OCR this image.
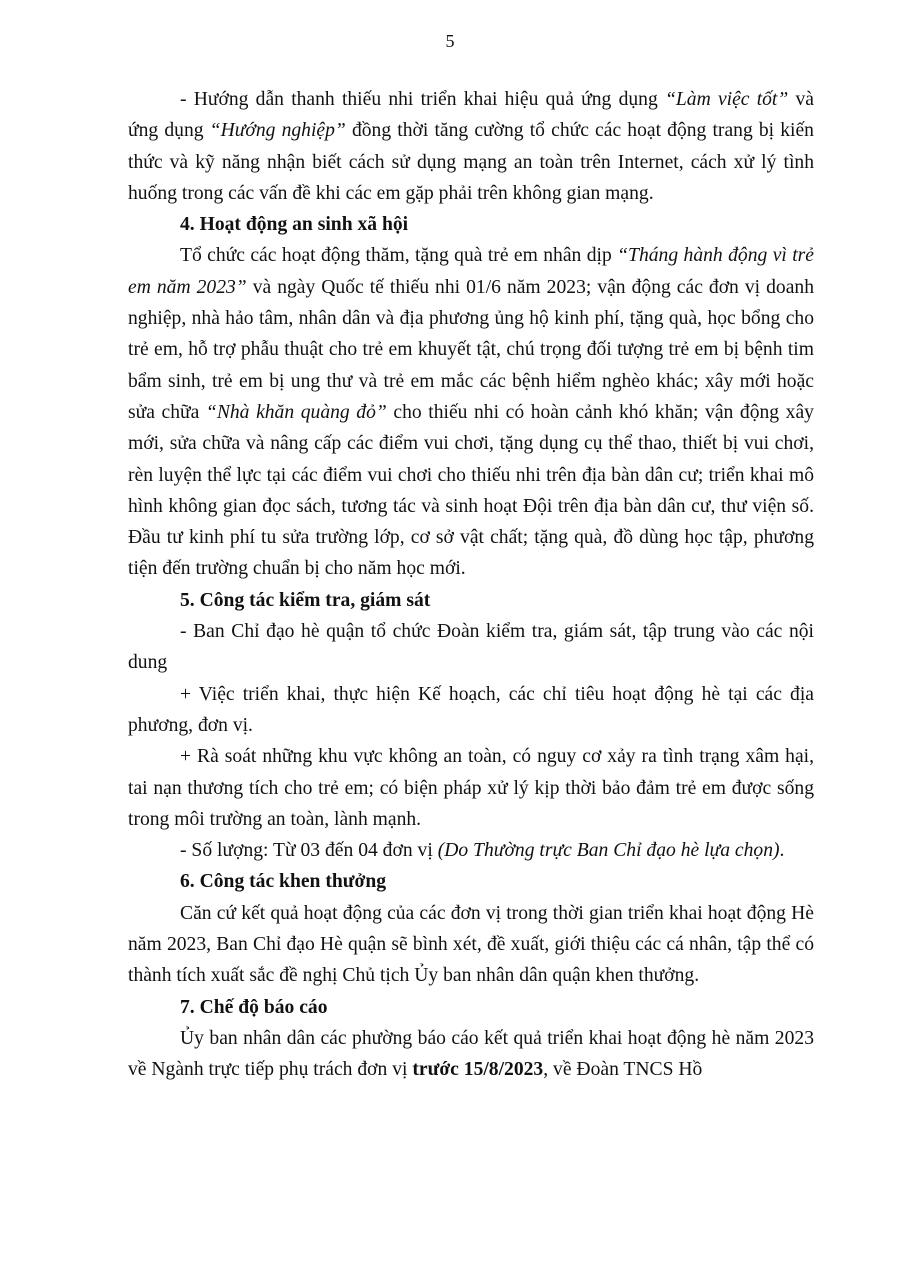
5

- Hướng dẫn thanh thiếu nhi triển khai hiệu quả ứng dụng “Làm việc tốt” và ứng dụng “Hướng nghiệp” đồng thời tăng cường tổ chức các hoạt động trang bị kiến thức và kỹ năng nhận biết cách sử dụng mạng an toàn trên Internet, cách xử lý tình huống trong các vấn đề khi các em gặp phải trên không gian mạng.

4. Hoạt động an sinh xã hội

Tổ chức các hoạt động thăm, tặng quà trẻ em nhân dịp “Tháng hành động vì trẻ em năm 2023” và ngày Quốc tế thiếu nhi 01/6 năm 2023; vận động các đơn vị doanh nghiệp, nhà hảo tâm, nhân dân và địa phương ủng hộ kinh phí, tặng quà, học bổng cho trẻ em, hỗ trợ phẫu thuật cho trẻ em khuyết tật, chú trọng đối tượng trẻ em bị bệnh tim bẩm sinh, trẻ em bị ung thư và trẻ em mắc các bệnh hiểm nghèo khác; xây mới hoặc sửa chữa “Nhà khăn quàng đỏ” cho thiếu nhi có hoàn cảnh khó khăn; vận động xây mới, sửa chữa và nâng cấp các điểm vui chơi, tặng dụng cụ thể thao, thiết bị vui chơi, rèn luyện thể lực tại các điểm vui chơi cho thiếu nhi trên địa bàn dân cư; triển khai mô hình không gian đọc sách, tương tác và sinh hoạt Đội trên địa bàn dân cư, thư viện số. Đầu tư kinh phí tu sửa trường lớp, cơ sở vật chất; tặng quà, đồ dùng học tập, phương tiện đến trường chuẩn bị cho năm học mới.

5. Công tác kiểm tra, giám sát

- Ban Chỉ đạo hè quận tổ chức Đoàn kiểm tra, giám sát, tập trung vào các nội dung

+ Việc triển khai, thực hiện Kế hoạch, các chỉ tiêu hoạt động hè tại các địa phương, đơn vị.

+ Rà soát những khu vực không an toàn, có nguy cơ xảy ra tình trạng xâm hại, tai nạn thương tích cho trẻ em; có biện pháp xử lý kịp thời bảo đảm trẻ em được sống trong môi trường an toàn, lành mạnh.

- Số lượng: Từ 03 đến 04 đơn vị (Do Thường trực Ban Chỉ đạo hè lựa chọn).

6. Công tác khen thưởng

Căn cứ kết quả hoạt động của các đơn vị trong thời gian triển khai hoạt động Hè năm 2023, Ban Chỉ đạo Hè quận sẽ bình xét, đề xuất, giới thiệu các cá nhân, tập thể có thành tích xuất sắc đề nghị Chủ tịch Ủy ban nhân dân quận khen thưởng.

7. Chế độ báo cáo

Ủy ban nhân dân các phường báo cáo kết quả triển khai hoạt động hè năm 2023 về Ngành trực tiếp phụ trách đơn vị trước 15/8/2023, về Đoàn TNCS Hồ
